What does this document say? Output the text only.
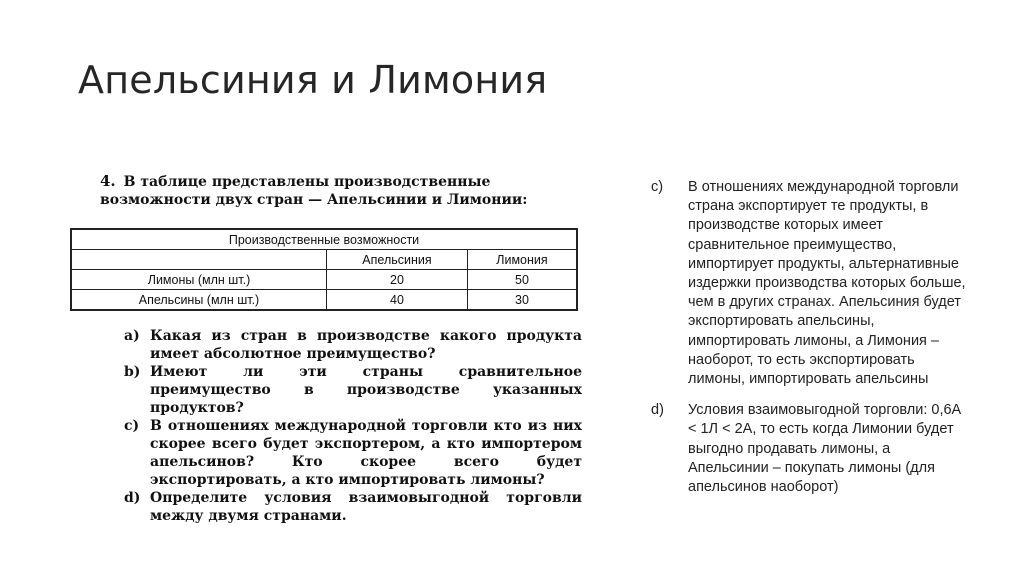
Апельсиния и Лимония
4. В таблице представлены производственные возможности двух стран — Апельсинии и Лимонии:
Производственные возможности		
	Апельсиния	Лимония
Лимоны (млн шт.)	20	50
Апельсины (млн шт.)	40	30
a) Какая из стран в производстве какого продукта имеет абсолютное преимущество?
b) Имеют ли эти страны сравнительное преимущество в производстве указанных продуктов?
c) В отношениях международной торговли кто из них скорее всего будет экспортером, а кто импортером апельсинов? Кто скорее всего будет экспортировать, а кто импортировать лимоны?
d) Определите условия взаимовыгодной торговли между двумя странами.
c)	В отношениях международной торговли страна экспортирует те продукты, в производстве которых имеет сравнительное преимущество, импортирует продукты, альтернативные издержки производства которых больше, чем в других странах. Апельсиния будет экспортировать апельсины, импортировать лимоны, а Лимония – наоборот, то есть экспортировать лимоны, импортировать апельсины
d)	Условия взаимовыгодной торговли: 0,6А < 1Л < 2А, то есть когда Лимонии будет выгодно продавать лимоны, а Апельсинии – покупать лимоны (для апельсинов наоборот)
